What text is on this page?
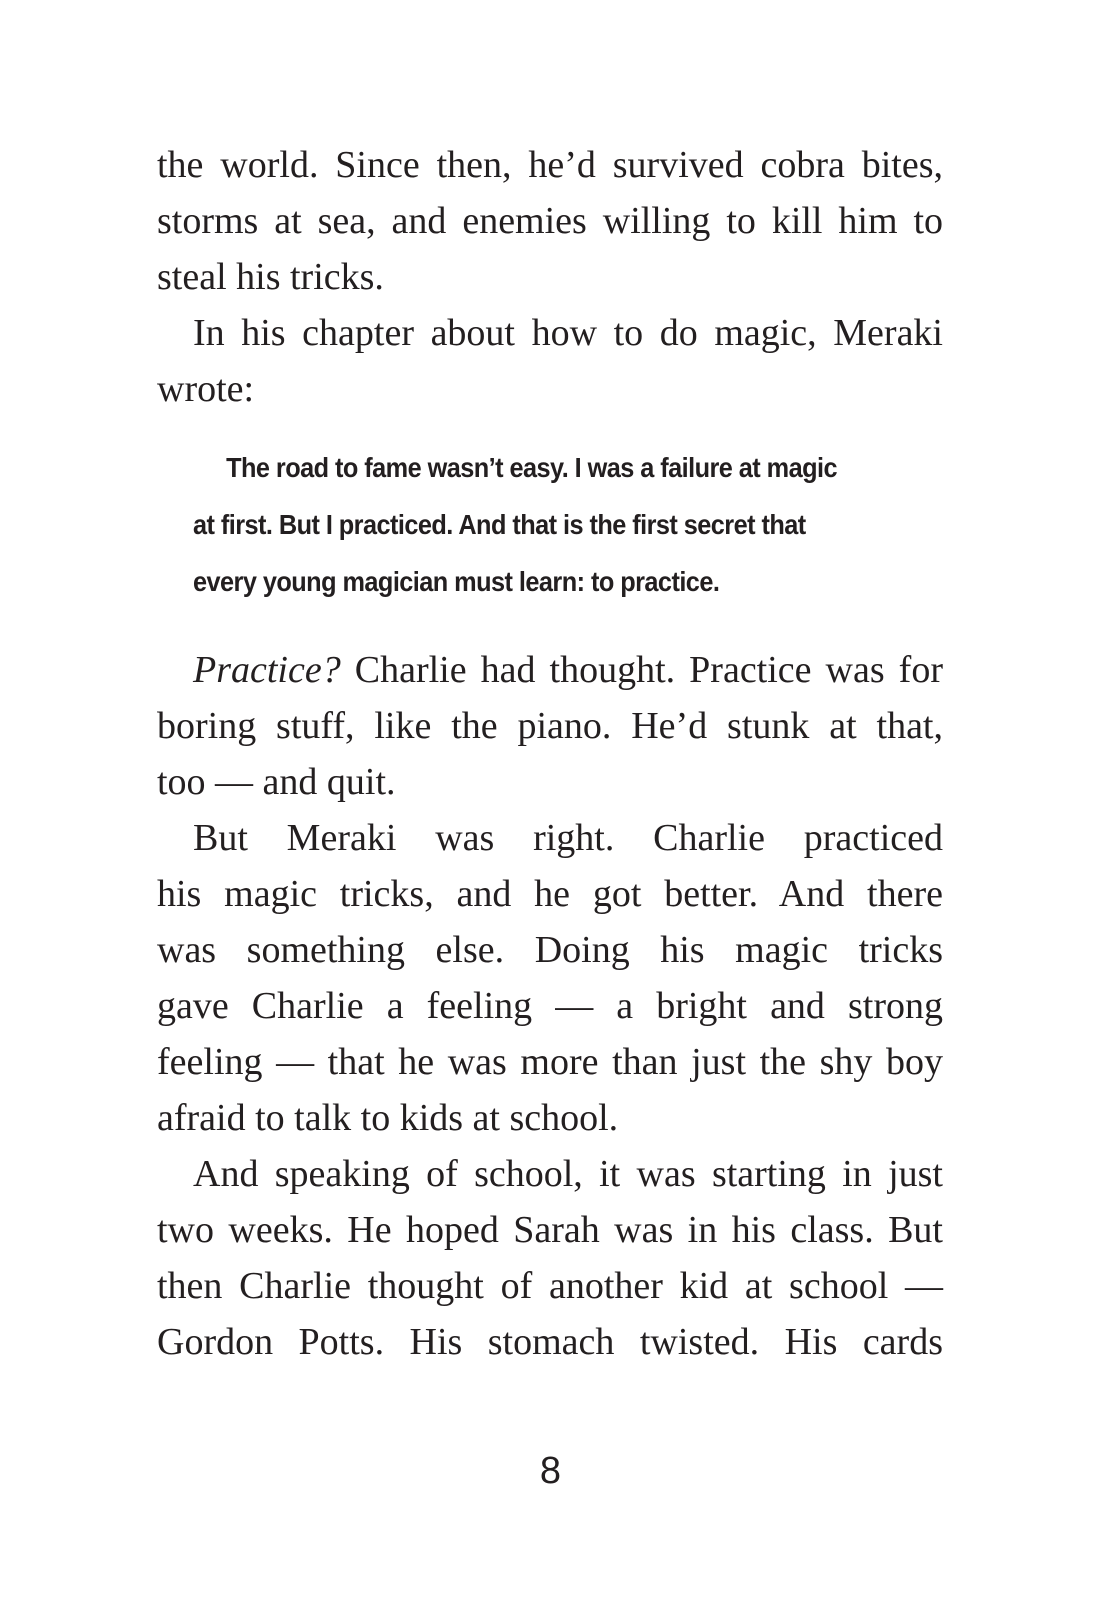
the world. Since then, he’d survived cobra bites,
storms at sea, and enemies willing to kill him to
steal his tricks.

In his chapter about how to do magic, Meraki
wrote:

The road to fame wasn’t easy. I was a failure at magic
at first. But I practiced. And that is the first secret that
every young magician must learn: to practice.

Practice? Charlie had thought. Practice was for
boring stuff, like the piano. He’d stunk at that,
too — and quit.

But Meraki was right. Charlie practiced
his magic tricks, and he got better. And there
was something else. Doing his magic tricks
gave Charlie a feeling — a bright and strong
feeling — that he was more than just the shy boy
afraid to talk to kids at school.

And speaking of school, it was starting in just
two weeks. He hoped Sarah was in his class. But
then Charlie thought of another kid at school —
Gordon Potts. His stomach twisted. His cards

8
